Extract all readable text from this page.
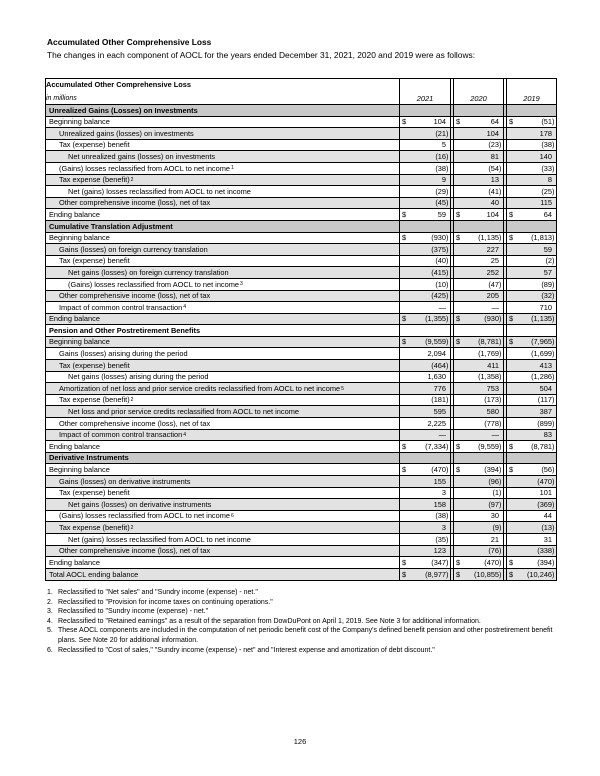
Accumulated Other Comprehensive Loss

The changes in each component of AOCL for the years ended December 31, 2021, 2020 and 2019 were as follows:

Accumulated Other Comprehensive Loss
in millions	2021	2020	2019
Unrealized Gains (Losses) on Investments
Beginning balance	$	104 $	64 $	(51)
Unrealized gains (losses) on investments	(21)	104	178
Tax (expense) benefit	5	(23)	(38)
Net unrealized gains (losses) on investments	(16)	81	140
(Gains) losses reclassified from AOCL to net income 1	(38)	(54)	(33)
Tax expense (benefit) 2	9	13	8
Net (gains) losses reclassified from AOCL to net income	(29)	(41)	(25)
Other comprehensive income (loss), net of tax	(45)	40	115
Ending balance	$	59 $	104 $	64
Cumulative Translation Adjustment
Beginning balance	$	(930) $ (1,135) $ (1,813)
Gains (losses) on foreign currency translation	(375)	227	59
Tax (expense) benefit	(40)	25	(2)
Net gains (losses) on foreign currency translation	(415)	252	57
(Gains) losses reclassified from AOCL to net income 3	(10)	(47)	(89)
Other comprehensive income (loss), net of tax	(425)	205	(32)
Impact of common control transaction 4	—	—	710
Ending balance	$	(1,355) $	(930) $ (1,135)
Pension and Other Postretirement Benefits
Beginning balance	$	(9,559) $ (8,781) $ (7,965)
Gains (losses) arising during the period	2,094	(1,769)	(1,699)
Tax (expense) benefit	(464)	411	413
Net gains (losses) arising during the period	1,630	(1,358)	(1,286)
Amortization of net loss and prior service credits reclassified from AOCL to net income 5	776	753	504
Tax expense (benefit) 2	(181)	(173)	(117)
Net loss and prior service credits reclassified from AOCL to net income	595	580	387
Other comprehensive income (loss), net of tax	2,225	(778)	(899)
Impact of common control transaction 4	—	—	83
Ending balance	$	(7,334) $ (9,559) $ (8,781)
Derivative Instruments
Beginning balance	$	(470) $	(394) $	(56)
Gains (losses) on derivative instruments	155	(96)	(470)
Tax (expense) benefit	3	(1)	101
Net gains (losses) on derivative instruments	158	(97)	(369)
(Gains) losses reclassified from AOCL to net income 6	(38)	30	44
Tax expense (benefit) 2	3	(9)	(13)
Net (gains) losses reclassified from AOCL to net income	(35)	21	31
Other comprehensive income (loss), net of tax	123	(76)	(338)
Ending balance	$	(347) $	(470) $	(394)
Total AOCL ending balance	$	(8,977) $ (10,855) $ (10,246)
1. Reclassified to "Net sales" and "Sundry income (expense) - net."
2. Reclassified to "Provision for income taxes on continuing operations."
3. Reclassified to "Sundry income (expense) - net."
4. Reclassified to "Retained earnings" as a result of the separation from DowDuPont on April 1, 2019. See Note 3 for additional information.
5. These AOCL components are included in the computation of net periodic benefit cost of the Company's defined benefit pension and other postretirement benefit plans. See Note 20 for additional information.
6. Reclassified to "Cost of sales," "Sundry income (expense) - net" and "Interest expense and amortization of debt discount."
126
